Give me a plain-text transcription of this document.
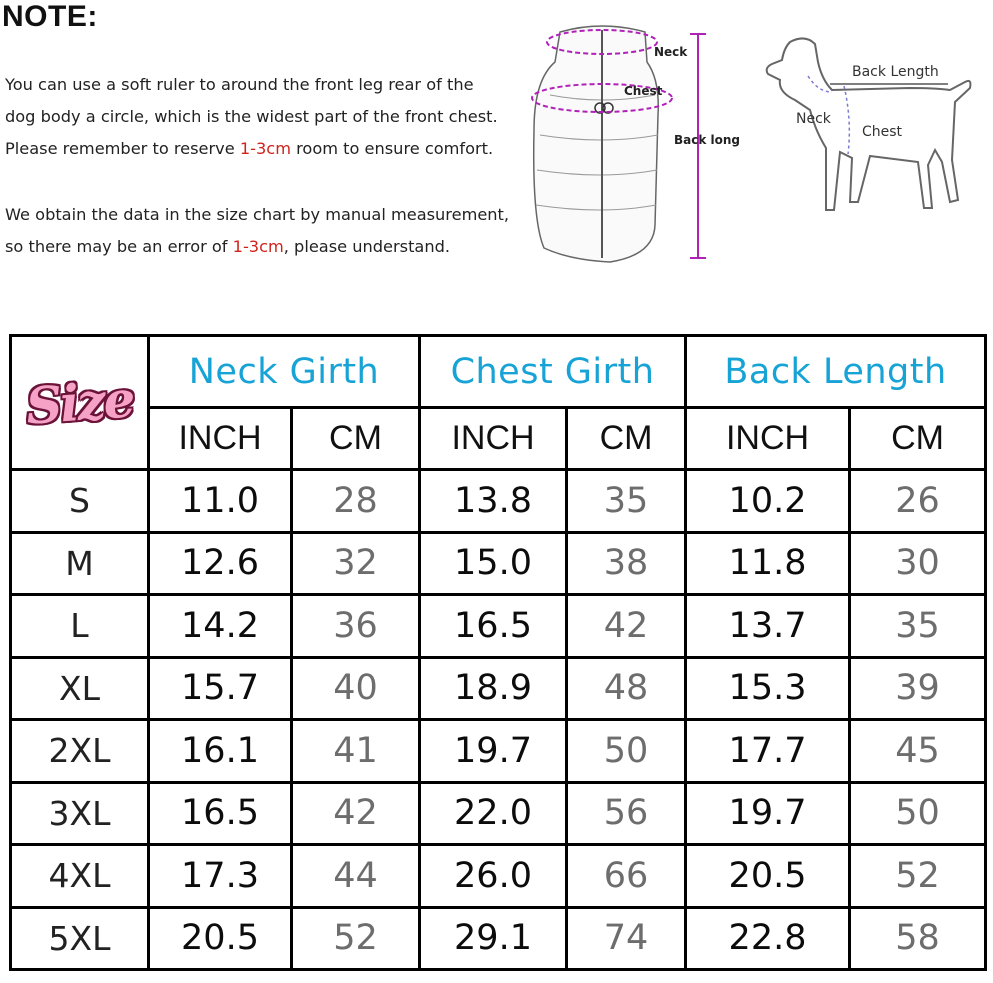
NOTE:
You can use a soft ruler to around the front leg rear of the
dog body a circle, which is the widest part of the front chest.
Please remember to reserve 1-3cm room to ensure comfort.
We obtain the data in the size chart by manual measurement,
so there may be an error of 1-3cm, please understand.
Neck
Chest
Back long
Back Length
Neck
Chest
Size	Neck Girth		Chest Girth		Back Length	
	INCH	CM	INCH	CM	INCH	CM
S	11.0	28	13.8	35	10.2	26
M	12.6	32	15.0	38	11.8	30
L	14.2	36	16.5	42	13.7	35
XL	15.7	40	18.9	48	15.3	39
2XL	16.1	41	19.7	50	17.7	45
3XL	16.5	42	22.0	56	19.7	50
4XL	17.3	44	26.0	66	20.5	52
5XL	20.5	52	29.1	74	22.8	58
